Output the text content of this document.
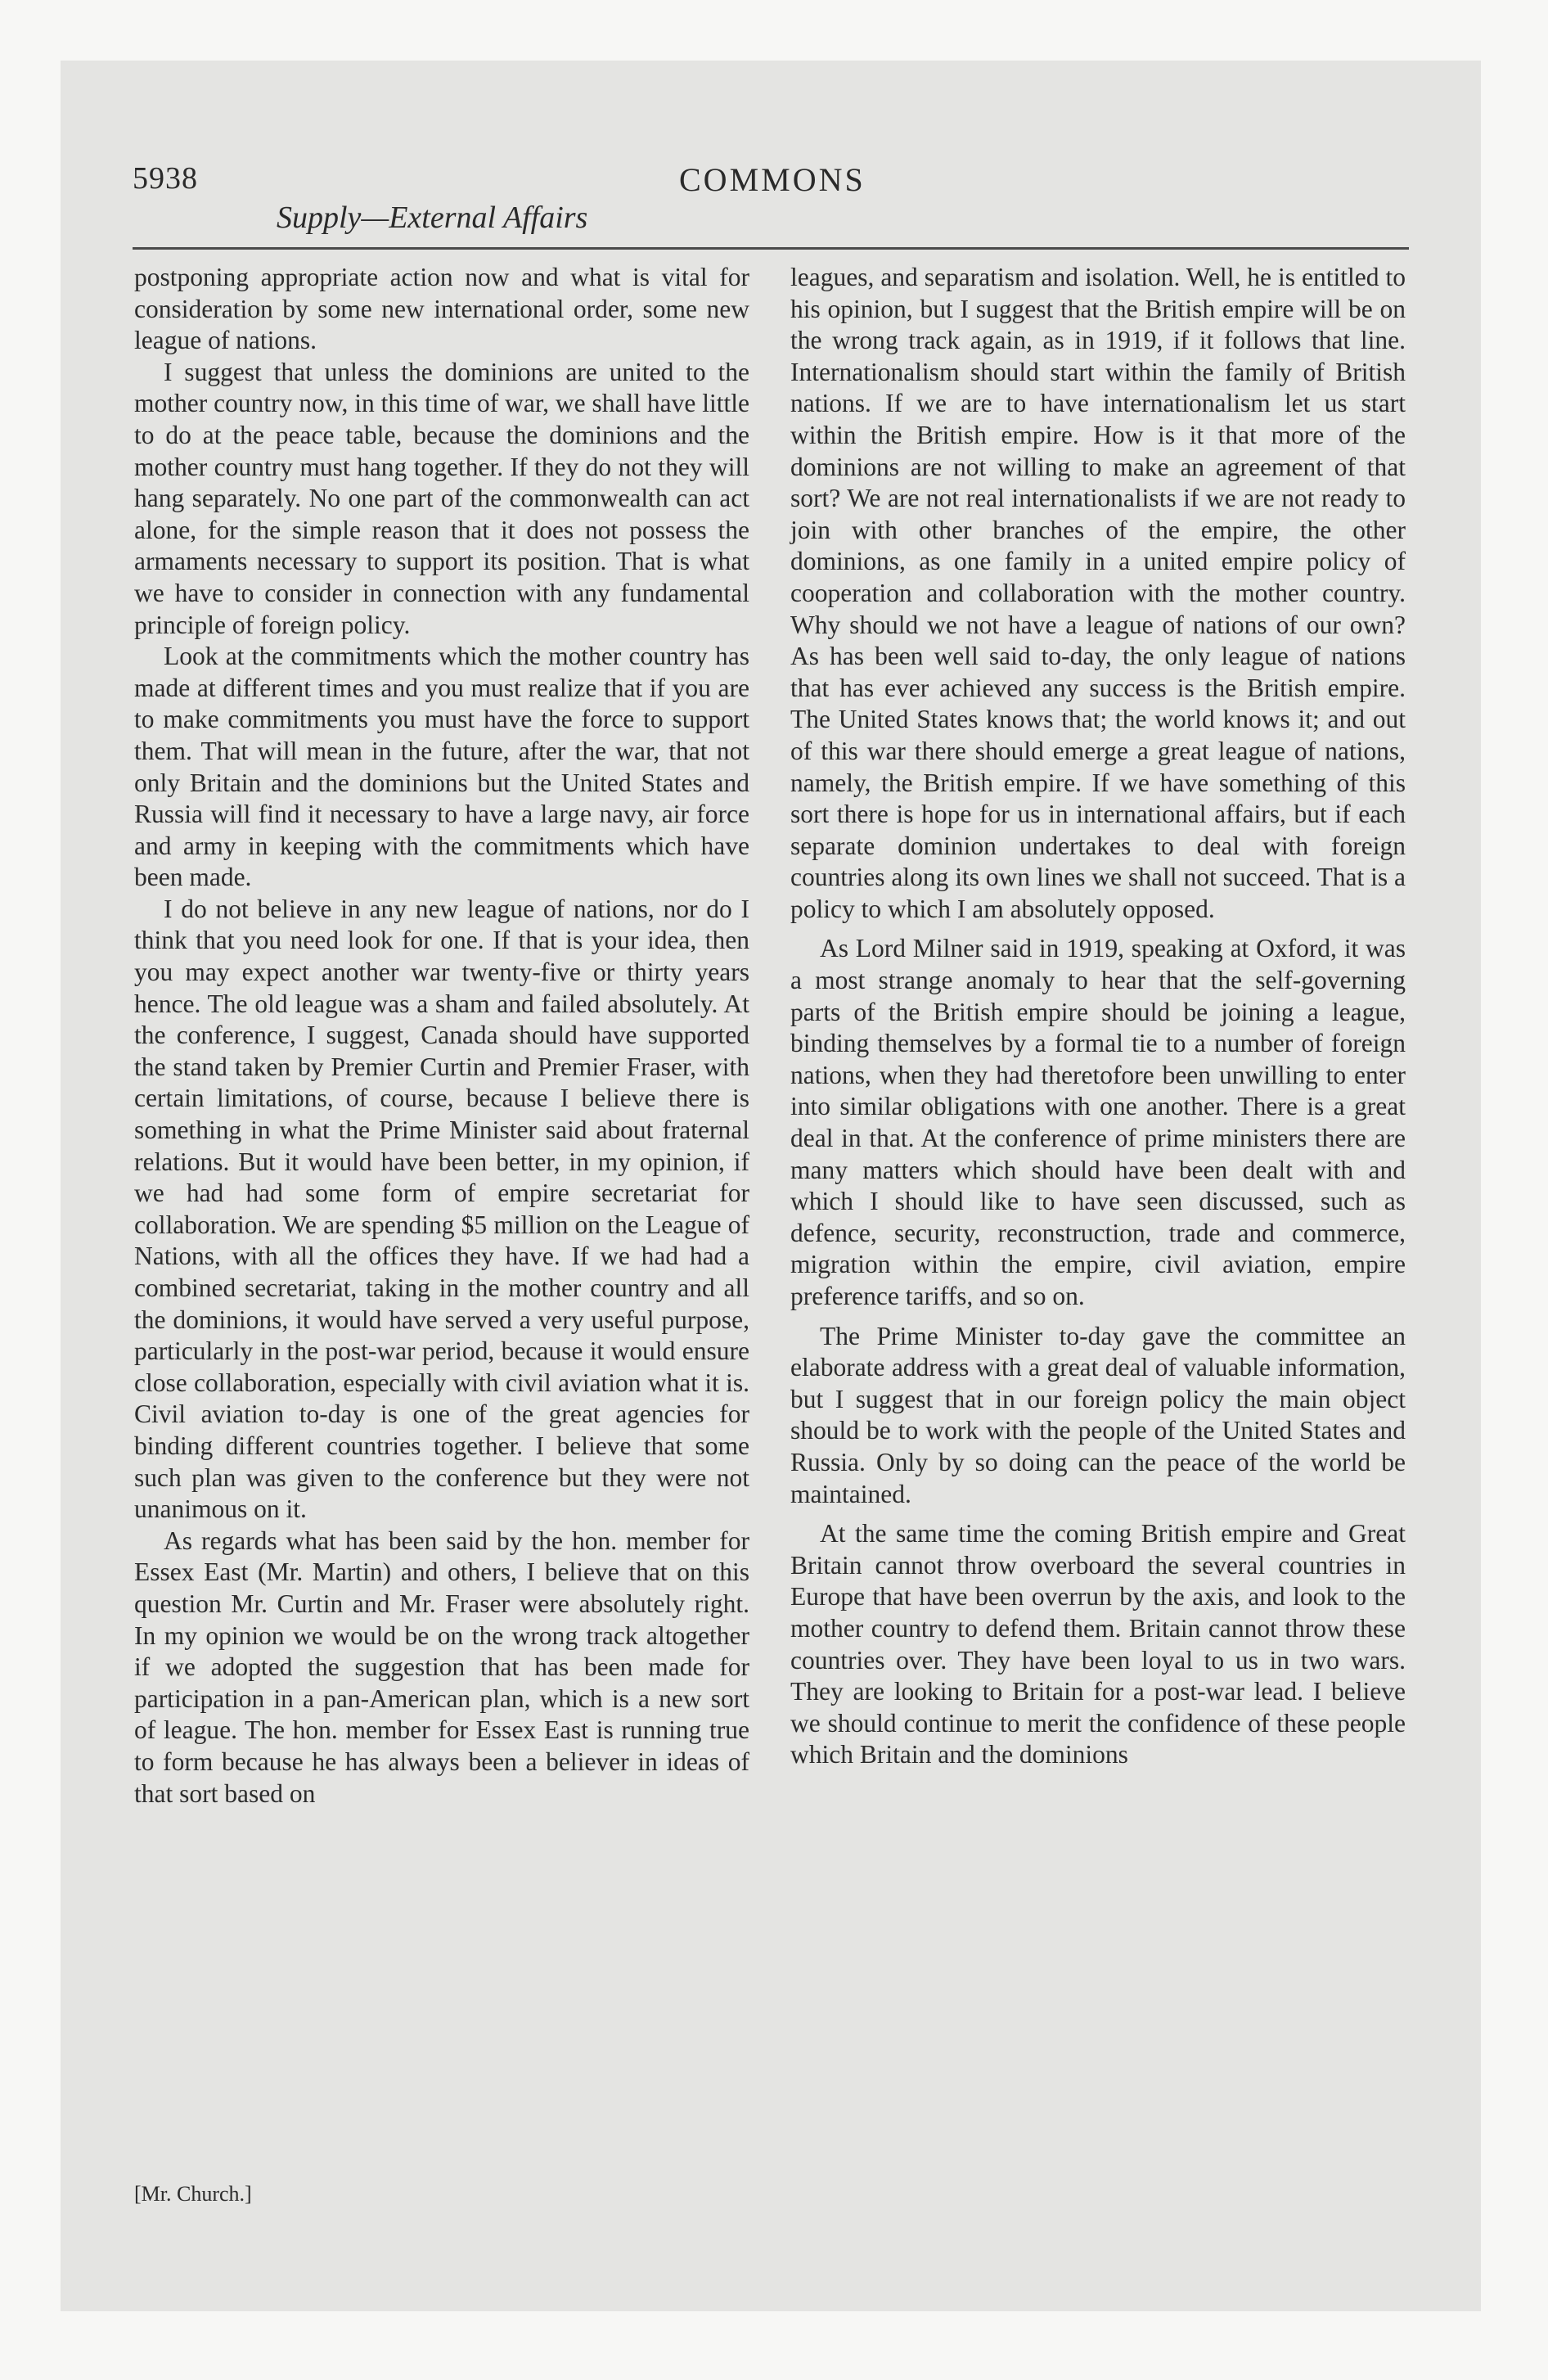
5938
Supply—External Affairs
COMMONS

postponing appropriate action now and what is vital for consideration by some new international order, some new league of nations.

I suggest that unless the dominions are united to the mother country now, in this time of war, we shall have little to do at the peace table, because the dominions and the mother country must hang together. If they do not they will hang separately. No one part of the commonwealth can act alone, for the simple reason that it does not possess the armaments necessary to support its position. That is what we have to consider in connection with any fundamental principle of foreign policy.

Look at the commitments which the mother country has made at different times and you must realize that if you are to make commitments you must have the force to support them. That will mean in the future, after the war, that not only Britain and the dominions but the United States and Russia will find it necessary to have a large navy, air force and army in keeping with the commitments which have been made.

I do not believe in any new league of nations, nor do I think that you need look for one. If that is your idea, then you may expect another war twenty-five or thirty years hence. The old league was a sham and failed absolutely. At the conference, I suggest, Canada should have supported the stand taken by Premier Curtin and Premier Fraser, with certain limitations, of course, because I believe there is something in what the Prime Minister said about fraternal relations. But it would have been better, in my opinion, if we had had some form of empire secretariat for collaboration. We are spending $5 million on the League of Nations, with all the offices they have. If we had had a combined secretariat, taking in the mother country and all the dominions, it would have served a very useful purpose, particularly in the post-war period, because it would ensure close collaboration, especially with civil aviation what it is. Civil aviation to-day is one of the great agencies for binding different countries together. I believe that some such plan was given to the conference but they were not unanimous on it.

As regards what has been said by the hon. member for Essex East (Mr. Martin) and others, I believe that on this question Mr. Curtin and Mr. Fraser were absolutely right. In my opinion we would be on the wrong track altogether if we adopted the suggestion that has been made for participation in a pan-American plan, which is a new sort of league. The hon. member for Essex East is running true to form because he has always been a believer in ideas of that sort based on

leagues, and separatism and isolation. Well, he is entitled to his opinion, but I suggest that the British empire will be on the wrong track again, as in 1919, if it follows that line. Internationalism should start within the family of British nations. If we are to have internationalism let us start within the British empire. How is it that more of the dominions are not willing to make an agreement of that sort? We are not real internationalists if we are not ready to join with other branches of the empire, the other dominions, as one family in a united empire policy of cooperation and collaboration with the mother country. Why should we not have a league of nations of our own? As has been well said to-day, the only league of nations that has ever achieved any success is the British empire. The United States knows that; the world knows it; and out of this war there should emerge a great league of nations, namely, the British empire. If we have something of this sort there is hope for us in international affairs, but if each separate dominion undertakes to deal with foreign countries along its own lines we shall not succeed. That is a policy to which I am absolutely opposed.

As Lord Milner said in 1919, speaking at Oxford, it was a most strange anomaly to hear that the self-governing parts of the British empire should be joining a league, binding themselves by a formal tie to a number of foreign nations, when they had theretofore been unwilling to enter into similar obligations with one another. There is a great deal in that. At the conference of prime ministers there are many matters which should have been dealt with and which I should like to have seen discussed, such as defence, security, reconstruction, trade and commerce, migration within the empire, civil aviation, empire preference tariffs, and so on.

The Prime Minister to-day gave the committee an elaborate address with a great deal of valuable information, but I suggest that in our foreign policy the main object should be to work with the people of the United States and Russia. Only by so doing can the peace of the world be maintained.

At the same time the coming British empire and Great Britain cannot throw overboard the several countries in Europe that have been overrun by the axis, and look to the mother country to defend them. Britain cannot throw these countries over. They have been loyal to us in two wars. They are looking to Britain for a post-war lead. I believe we should continue to merit the confidence of these people which Britain and the dominions

[Mr. Church.]
